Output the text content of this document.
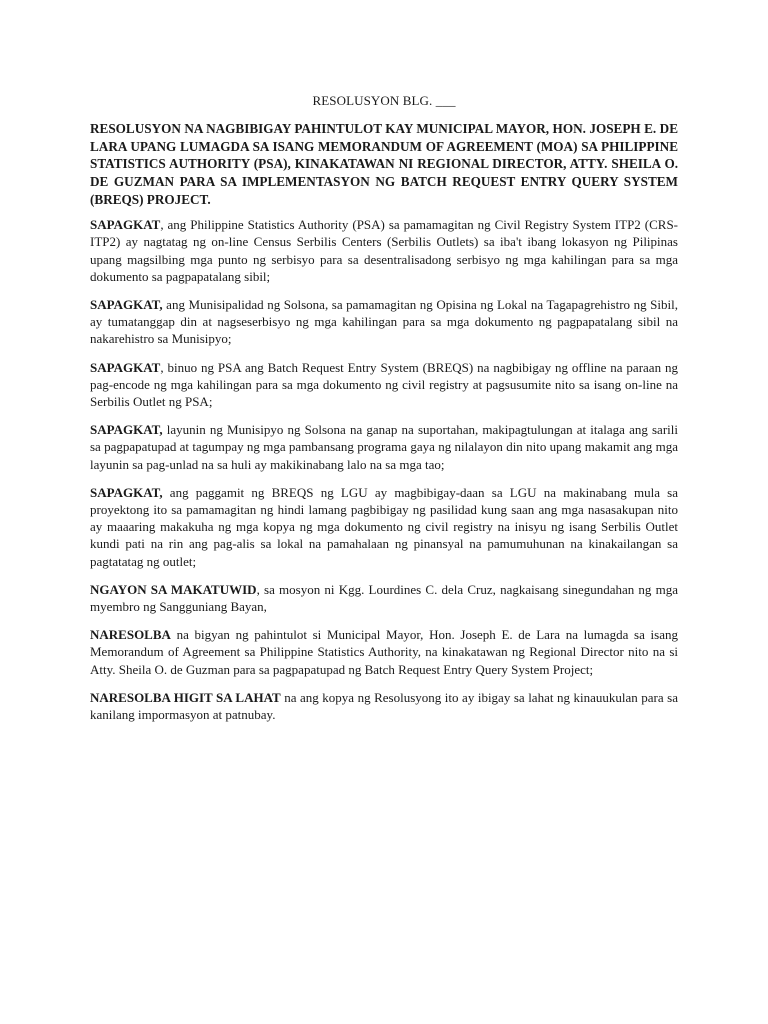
RESOLUSYON BLG. ___

RESOLUSYON NA NAGBIBIGAY PAHINTULOT KAY MUNICIPAL MAYOR, HON. JOSEPH E. DE LARA UPANG LUMAGDA SA ISANG MEMORANDUM OF AGREEMENT (MOA) SA PHILIPPINE STATISTICS AUTHORITY (PSA), KINAKATAWAN NI REGIONAL DIRECTOR, ATTY. SHEILA O. DE GUZMAN PARA SA IMPLEMENTASYON NG BATCH REQUEST ENTRY QUERY SYSTEM (BREQS) PROJECT.

SAPAGKAT, ang Philippine Statistics Authority (PSA) sa pamamagitan ng Civil Registry System ITP2 (CRS-ITP2) ay nagtatag ng on-line Census Serbilis Centers (Serbilis Outlets) sa iba't ibang lokasyon ng Pilipinas upang magsilbing mga punto ng serbisyo para sa desentralisadong serbisyo ng mga kahilingan para sa mga dokumento sa pagpapatalang sibil;

SAPAGKAT, ang Munisipalidad ng Solsona, sa pamamagitan ng Opisina ng Lokal na Tagapagrehistro ng Sibil, ay tumatanggap din at nagseserbisyo ng mga kahilingan para sa mga dokumento ng pagpapatalang sibil na nakarehistro sa Munisipyo;

SAPAGKAT, binuo ng PSA ang Batch Request Entry System (BREQS) na nagbibigay ng offline na paraan ng pag-encode ng mga kahilingan para sa mga dokumento ng civil registry at pagsusumite nito sa isang on-line na Serbilis Outlet ng PSA;

SAPAGKAT, layunin ng Munisipyo ng Solsona na ganap na suportahan, makipagtulungan at italaga ang sarili sa pagpapatupad at tagumpay ng mga pambansang programa gaya ng nilalayon din nito upang makamit ang mga layunin sa pag-unlad na sa huli ay makikinabang lalo na sa mga tao;

SAPAGKAT, ang paggamit ng BREQS ng LGU ay magbibigay-daan sa LGU na makinabang mula sa proyektong ito sa pamamagitan ng hindi lamang pagbibigay ng pasilidad kung saan ang mga nasasakupan nito ay maaaring makakuha ng mga kopya ng mga dokumento ng civil registry na inisyu ng isang Serbilis Outlet kundi pati na rin ang pag-alis sa lokal na pamahalaan ng pinansyal na pamumuhunan na kinakailangan sa pagtatatag ng outlet;

NGAYON SA MAKATUWID, sa mosyon ni Kgg. Lourdines C. dela Cruz, nagkaisang sinegundahan ng mga myembro ng Sangguniang Bayan,

NARESOLBA na bigyan ng pahintulot si Municipal Mayor, Hon. Joseph E. de Lara na lumagda sa isang Memorandum of Agreement sa Philippine Statistics Authority, na kinakatawan ng Regional Director nito na si Atty. Sheila O. de Guzman para sa pagpapatupad ng Batch Request Entry Query System Project;

NARESOLBA HIGIT SA LAHAT na ang kopya ng Resolusyong ito ay ibigay sa lahat ng kinauukulan para sa kanilang impormasyon at patnubay.
